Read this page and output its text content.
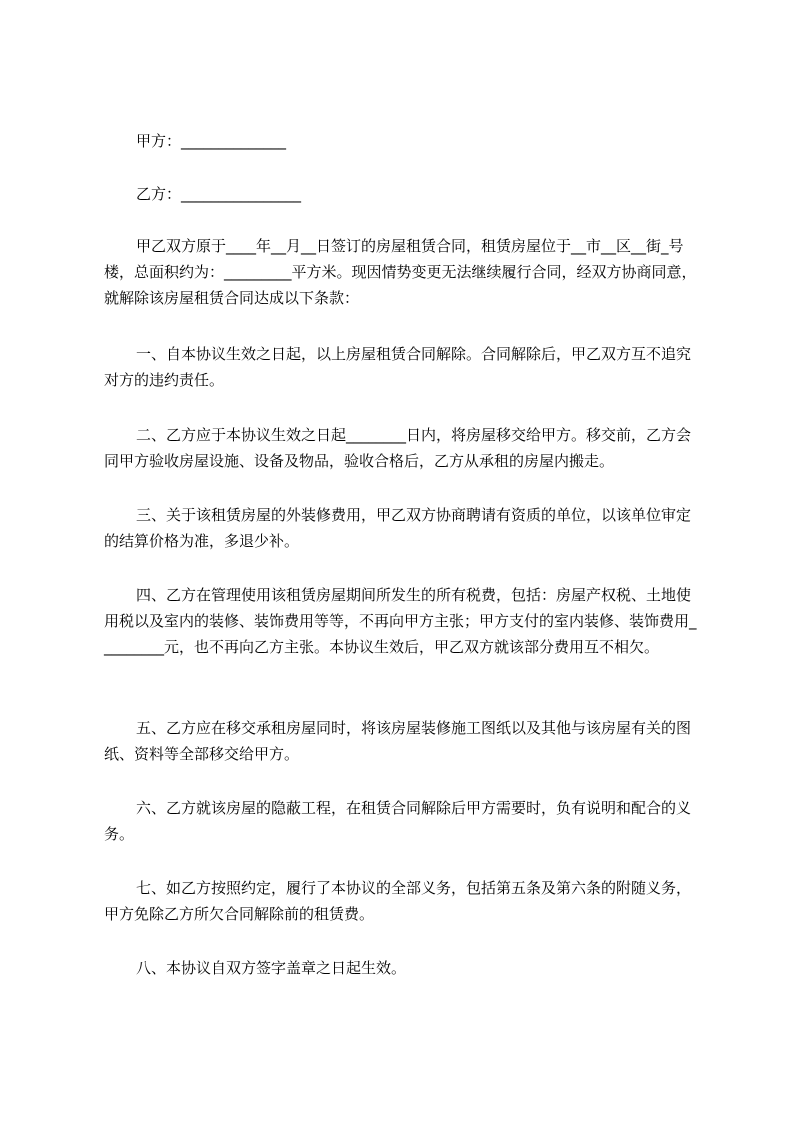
甲方：______________

乙方：________________

甲乙双方原于____年__月__日签订的房屋租赁合同，租赁房屋位于__市__区__街_号楼，总面积约为：_________平方米。现因情势变更无法继续履行合同，经双方协商同意，就解除该房屋租赁合同达成以下条款：

一、自本协议生效之日起，以上房屋租赁合同解除。合同解除后，甲乙双方互不追究对方的违约责任。

二、乙方应于本协议生效之日起________日内，将房屋移交给甲方。移交前，乙方会同甲方验收房屋设施、设备及物品，验收合格后，乙方从承租的房屋内搬走。

三、关于该租赁房屋的外装修费用，甲乙双方协商聘请有资质的单位，以该单位审定的结算价格为准，多退少补。

四、乙方在管理使用该租赁房屋期间所发生的所有税费，包括：房屋产权税、土地使用税以及室内的装修、装饰费用等等，不再向甲方主张；甲方支付的室内装修、装饰费用_________元，也不再向乙方主张。本协议生效后，甲乙双方就该部分费用互不相欠。

五、乙方应在移交承租房屋同时，将该房屋装修施工图纸以及其他与该房屋有关的图纸、资料等全部移交给甲方。

六、乙方就该房屋的隐蔽工程，在租赁合同解除后甲方需要时，负有说明和配合的义务。

七、如乙方按照约定，履行了本协议的全部义务，包括第五条及第六条的附随义务，甲方免除乙方所欠合同解除前的租赁费。

八、本协议自双方签字盖章之日起生效。
